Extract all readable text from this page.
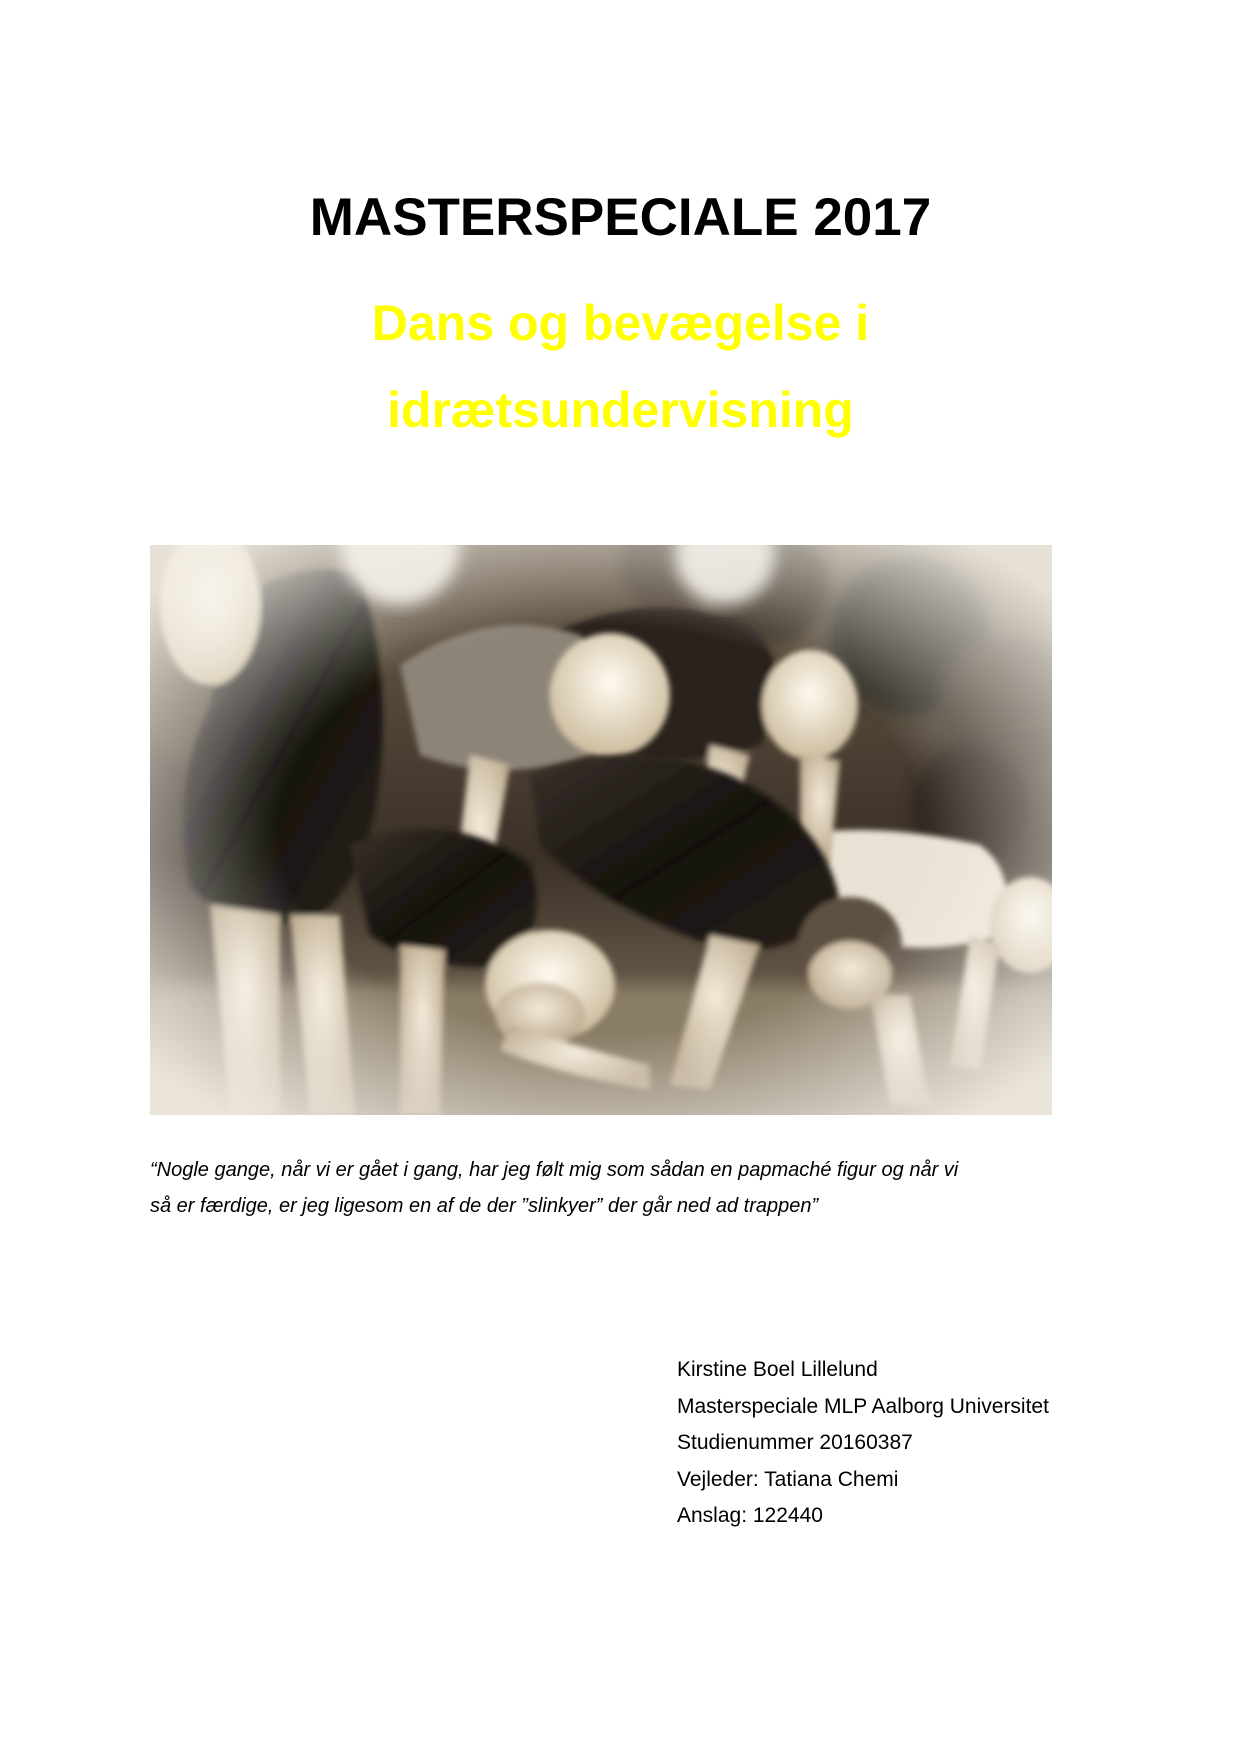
MASTERSPECIALE 2017
Dans og bevægelse i
idrætsundervisning

“Nogle gange, når vi er gået i gang, har jeg følt mig som sådan en papmaché figur og når vi
så er færdige, er jeg ligesom en af de der ”slinkyer” der går ned ad trappen”

Kirstine Boel Lillelund
Masterspeciale MLP Aalborg Universitet
Studienummer 20160387
Vejleder: Tatiana Chemi
Anslag: 122440
